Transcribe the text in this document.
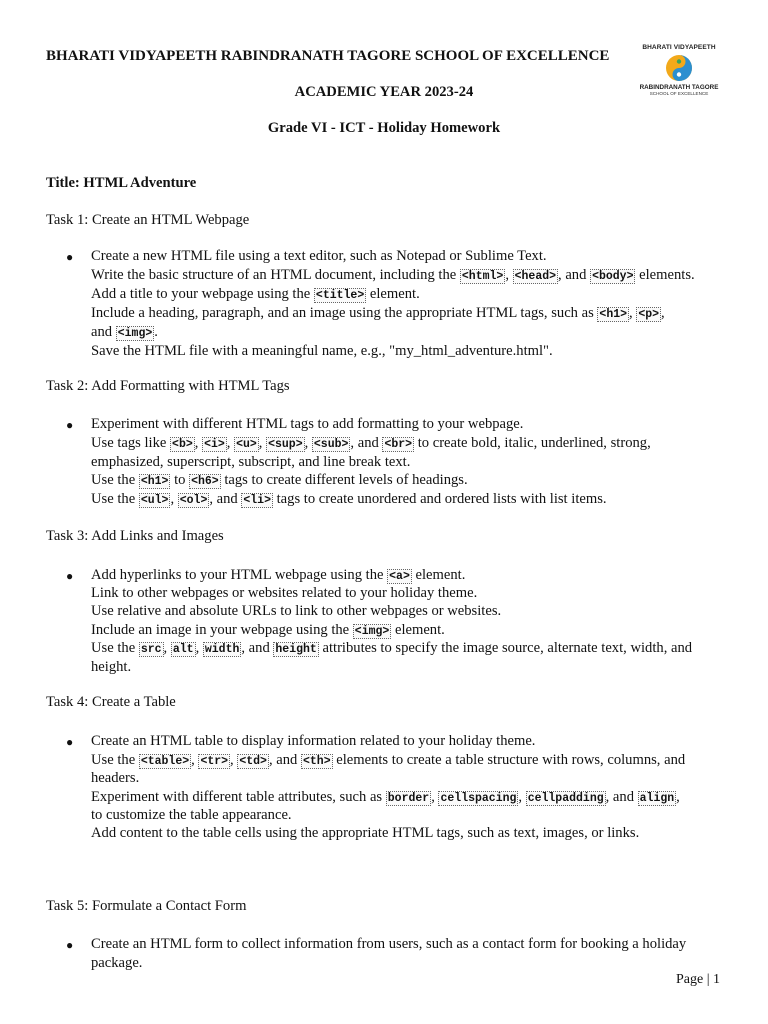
BHARATI VIDYAPEETH RABINDRANATH TAGORE SCHOOL OF EXCELLENCE
BHARATI VIDYAPEETH
RABINDRANATH TAGORE
SCHOOL OF EXCELLENCE
ACADEMIC YEAR 2023-24
Grade VI - ICT - Holiday Homework
Title: HTML Adventure
Task 1: Create an HTML Webpage
● Create a new HTML file using a text editor, such as Notepad or Sublime Text.
Write the basic structure of an HTML document, including the <html> , <head> , and <body> elements.
Add a title to your webpage using the <title> element.
Include a heading, paragraph, and an image using the appropriate HTML tags, such as <h1> , <p> ,
and <img> .
Save the HTML file with a meaningful name, e.g., "my_html_adventure.html".
Task 2: Add Formatting with HTML Tags
● Experiment with different HTML tags to add formatting to your webpage.
Use tags like <b> , <i> , <u> , <sup> , <sub> , and <br> to create bold, italic, underlined, strong,
emphasized, superscript, subscript, and line break text.
Use the <h1> to <h6> tags to create different levels of headings.
Use the <ul> , <ol> , and <li> tags to create unordered and ordered lists with list items.
Task 3: Add Links and Images
● Add hyperlinks to your HTML webpage using the <a> element.
Link to other webpages or websites related to your holiday theme.
Use relative and absolute URLs to link to other webpages or websites.
Include an image in your webpage using the <img> element.
Use the src , alt , width , and height attributes to specify the image source, alternate text, width, and
height.
Task 4: Create a Table
● Create an HTML table to display information related to your holiday theme.
Use the <table> , <tr> , <td> , and <th> elements to create a table structure with rows, columns, and
headers.
Experiment with different table attributes, such as border , cellspacing , cellpadding , and align ,
to customize the table appearance.
Add content to the table cells using the appropriate HTML tags, such as text, images, or links.
Task 5: Formulate a Contact Form
● Create an HTML form to collect information from users, such as a contact form for booking a holiday
package.
Page | 1
